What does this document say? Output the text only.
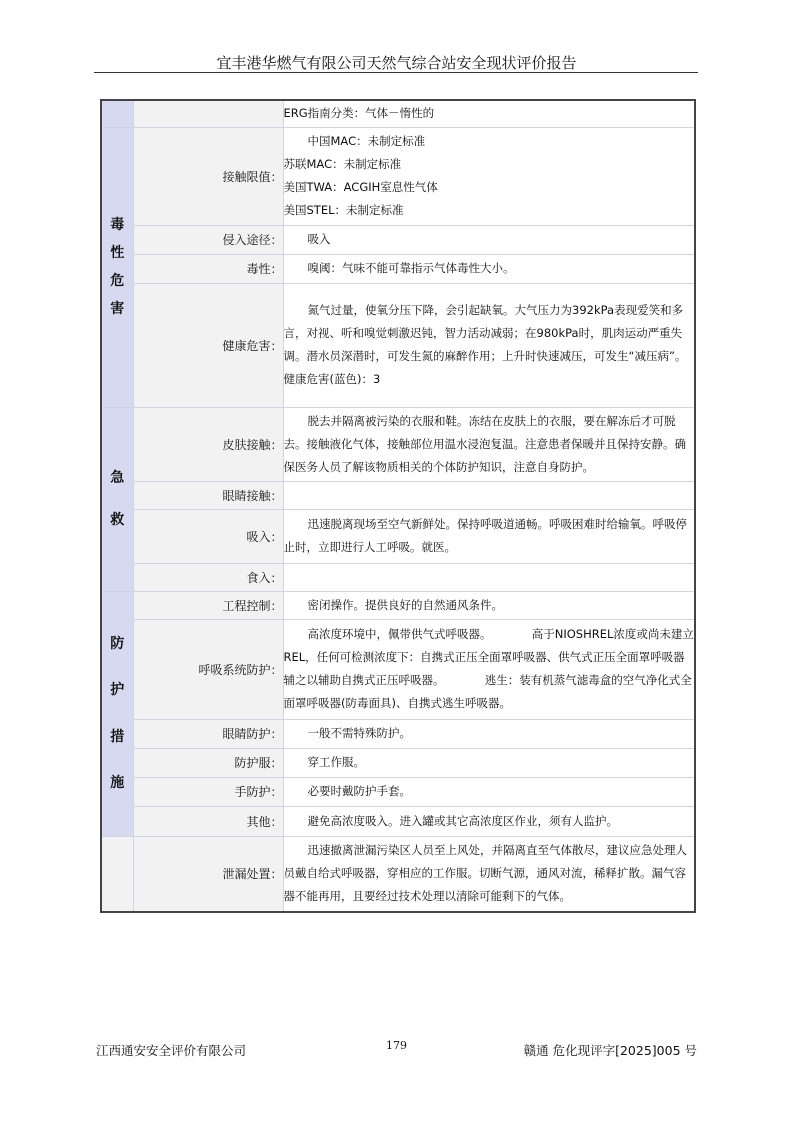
宜丰港华燃气有限公司天然气综合站安全现状评价报告
		ERG指南分类：气体－惰性的

毒
性
危
害	接触限值：	中国MAC：未制定标准
苏联MAC：未制定标准
美国TWA：ACGIH室息性气体
美国STEL：未制定标准

	侵入途径：	吸入
	毒性：	嗅阈：气味不能可靠指示气体毒性大小。
	健康危害：	氮气过量，使氧分压下降，会引起缺氧。大气压力为392kPa表现爱笑和多言，对视、听和嗅觉刺激迟钝，智力活动减弱；在980kPa时，肌肉运动严重失调。潜水员深潜时，可发生氮的麻醉作用；上升时快速减压，可发生“减压病”。
健康危害(蓝色)：3

急
救	皮肤接触：	脱去并隔离被污染的衣服和鞋。冻结在皮肤上的衣服，要在解冻后才可脱去。接触液化气体，接触部位用温水浸泡复温。注意患者保暖并且保持安静。确保医务人员了解该物质相关的个体防护知识，注意自身防护。
	眼睛接触：	
	吸入：	迅速脱离现场至空气新鲜处。保持呼吸道通畅。呼吸困难时给输氧。呼吸停止时，立即进行人工呼吸。就医。
	食入：	

防
护
措
施	工程控制：	密闭操作。提供良好的自然通风条件。
	呼吸系统防护：	高浓度环境中，佩带供气式呼吸器。　　　　高于NIOSHREL浓度或尚未建立REL，任何可检测浓度下：自携式正压全面罩呼吸器、供气式正压全面罩呼吸器辅之以辅助自携式正压呼吸器。　　　　逃生：装有机蒸气滤毒盒的空气净化式全面罩呼吸器(防毒面具)、自携式逃生呼吸器。
	眼睛防护：	一般不需特殊防护。
	防护服：	穿工作服。
	手防护：	必要时戴防护手套。
	其他：	避免高浓度吸入。进入罐或其它高浓度区作业，须有人监护。
	泄漏处置：	迅速撤离泄漏污染区人员至上风处，并隔离直至气体散尽，建议应急处理人员戴自给式呼吸器，穿相应的工作服。切断气源，通风对流，稀释扩散。漏气容器不能再用，且要经过技术处理以清除可能剩下的气体。
江西通安安全评价有限公司	179	赣通 危化现评字[2025]005 号
